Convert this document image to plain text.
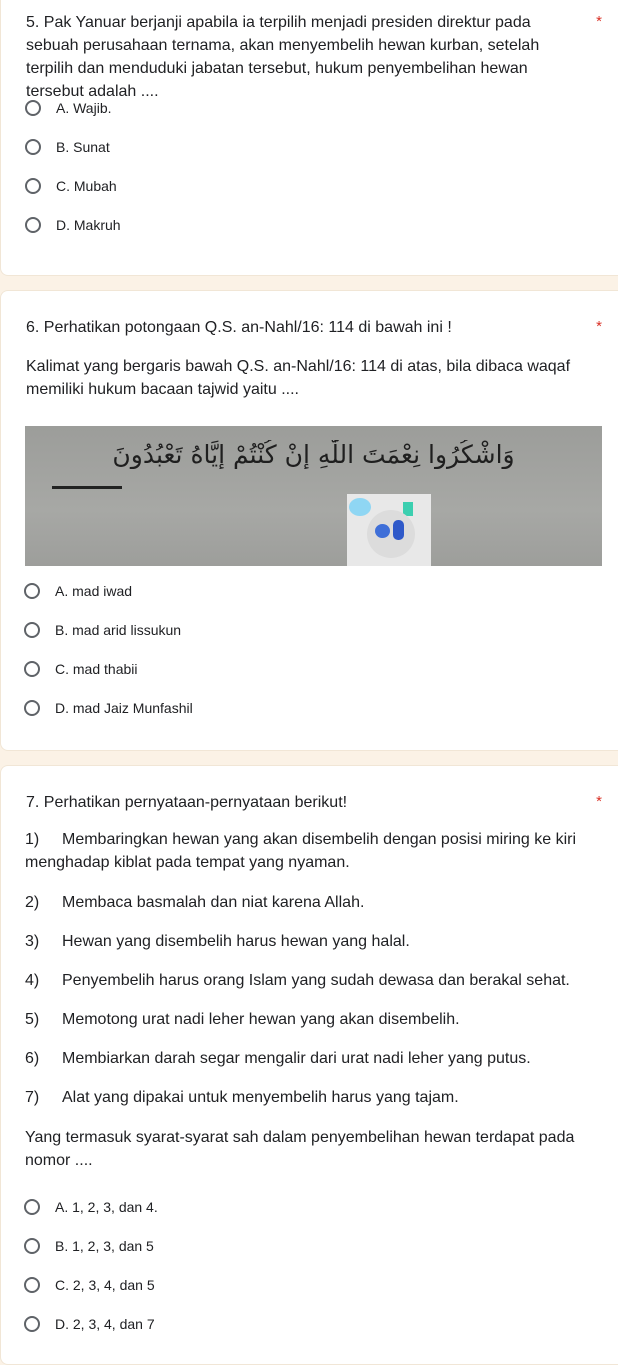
5. Pak Yanuar berjanji apabila ia terpilih menjadi presiden direktur pada sebuah perusahaan ternama, akan menyembelih hewan kurban, setelah terpilih dan menduduki jabatan tersebut, hukum penyembelihan hewan tersebut adalah ....
*
A. Wajib.
B. Sunat
C. Mubah
D. Makruh
6. Perhatikan potongaan Q.S. an-Nahl/16: 114 di bawah ini !	*
Kalimat yang bergaris bawah Q.S. an-Nahl/16: 114 di atas, bila dibaca waqaf memiliki hukum bacaan tajwid yaitu ....
وَاشْكُرُوا نِعْمَتَ اللّٰهِ إِنْ كُنْتُمْ إِيَّاهُ تَعْبُدُونَ
A. mad iwad
B. mad arid lissukun
C. mad thabii
D. mad Jaiz Munfashil
7. Perhatikan pernyataan-pernyataan berikut!	*
1) Membaringkan hewan yang akan disembelih dengan posisi miring ke kiri menghadap kiblat pada tempat yang nyaman.
2) Membaca basmalah dan niat karena Allah.
3) Hewan yang disembelih harus hewan yang halal.
4) Penyembelih harus orang Islam yang sudah dewasa dan berakal sehat.
5) Memotong urat nadi leher hewan yang akan disembelih.
6) Membiarkan darah segar mengalir dari urat nadi leher yang putus.
7) Alat yang dipakai untuk menyembelih harus yang tajam.
Yang termasuk syarat-syarat sah dalam penyembelihan hewan terdapat pada nomor ....
A. 1, 2, 3, dan 4.
B. 1, 2, 3, dan 5
C. 2, 3, 4, dan 5
D. 2, 3, 4, dan 7
